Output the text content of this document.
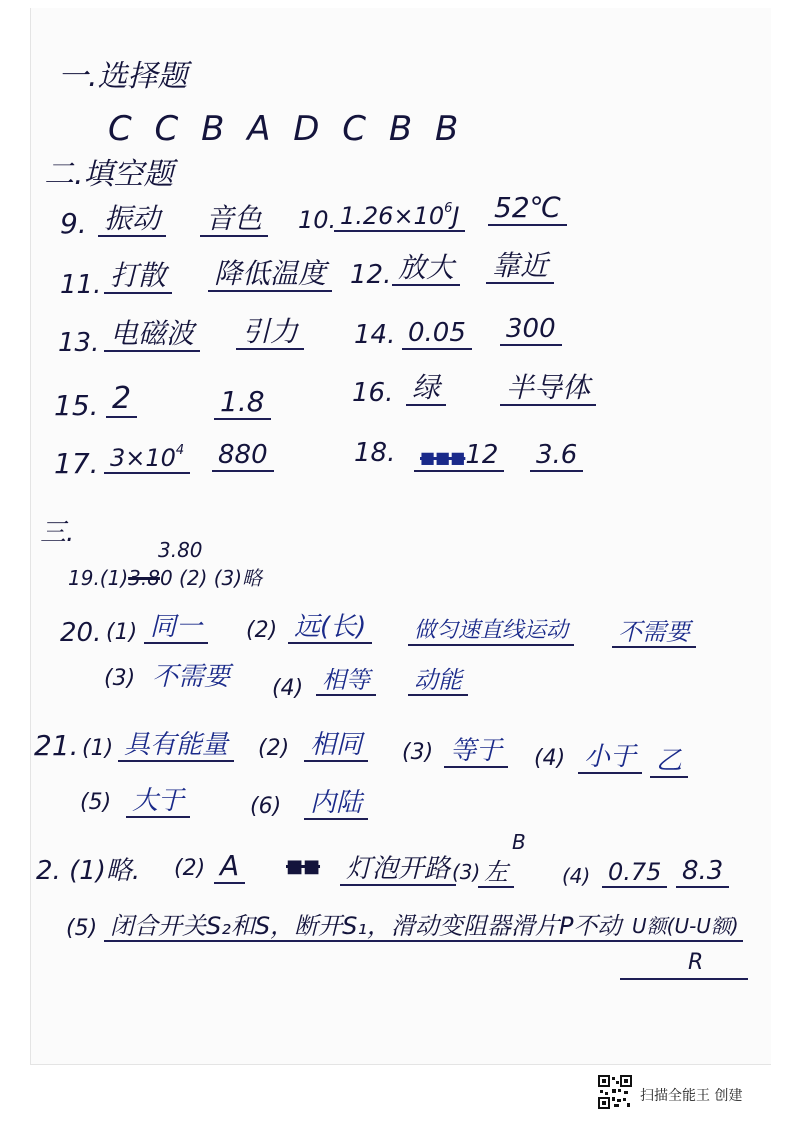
一.选择题
C C B A D C B B
二.填空题
9. 振动 音色 10. $1.26\times 10^6J$ 52℃
11. 打散 降低温度 12. 放大 靠近
13. 电磁波 引力 14. 0.05 300
15. 2	1.8	16. 绿 半导体
17. $3\times 10^4$ 880	18.	■■■12 3.6
三.
19.(1)3.80 (2) (3)略
3.80
20. (1) 同一 (2) 远(长) 做匀速直线运动 不需要
(3) 不需要 (4) 相等 动能
21. (1) 具有能量 (2) 相同 (3) 等于 (4) 小于 乙
(5) 大于	(6) 内陆
2. (1)略. (2) A	■■ 灯泡开路 (3) 左
B
(4) 0.75 8.3
(5) 闭合开关S₂和S，断开S₁，滑动变阻器滑片P不动 U额(U-U额)
R
扫描全能王 创建
